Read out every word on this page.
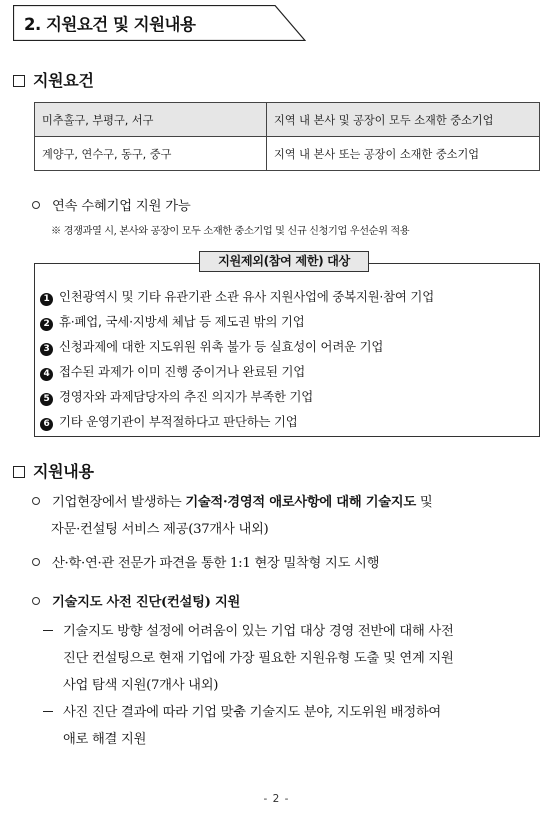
2. 지원요건 및 지원내용
지원요건
미추홀구, 부평구, 서구	지역 내 본사 및 공장이 모두 소재한 중소기업
계양구, 연수구, 동구, 중구	지역 내 본사 또는 공장이 소재한 중소기업
연속 수혜기업 지원 가능
※ 경쟁과열 시, 본사와 공장이 모두 소재한 중소기업 및 신규 신청기업 우선순위 적용
지원제외(참여 제한) 대상
1 인천광역시 및 기타 유관기관 소관 유사 지원사업에 중복지원·참여 기업
2 휴·폐업, 국세·지방세 체납 등 제도권 밖의 기업
3 신청과제에 대한 지도위원 위촉 불가 등 실효성이 어려운 기업
4 접수된 과제가 이미 진행 중이거나 완료된 기업
5 경영자와 과제담당자의 추진 의지가 부족한 기업
6 기타 운영기관이 부적절하다고 판단하는 기업
지원내용
기업현장에서 발생하는 기술적·경영적 애로사항에 대해 기술지도 및
자문·컨설팅 서비스 제공(37개사 내외)
산·학·연·관 전문가 파견을 통한 1:1 현장 밀착형 지도 시행
기술지도 사전 진단(컨설팅) 지원
기술지도 방향 설정에 어려움이 있는 기업 대상 경영 전반에 대해 사전
진단 컨설팅으로 현재 기업에 가장 필요한 지원유형 도출 및 연계 지원
사업 탐색 지원(7개사 내외)
사진 진단 결과에 따라 기업 맞춤 기술지도 분야, 지도위원 배정하여
애로 해결 지원
- 2 -
